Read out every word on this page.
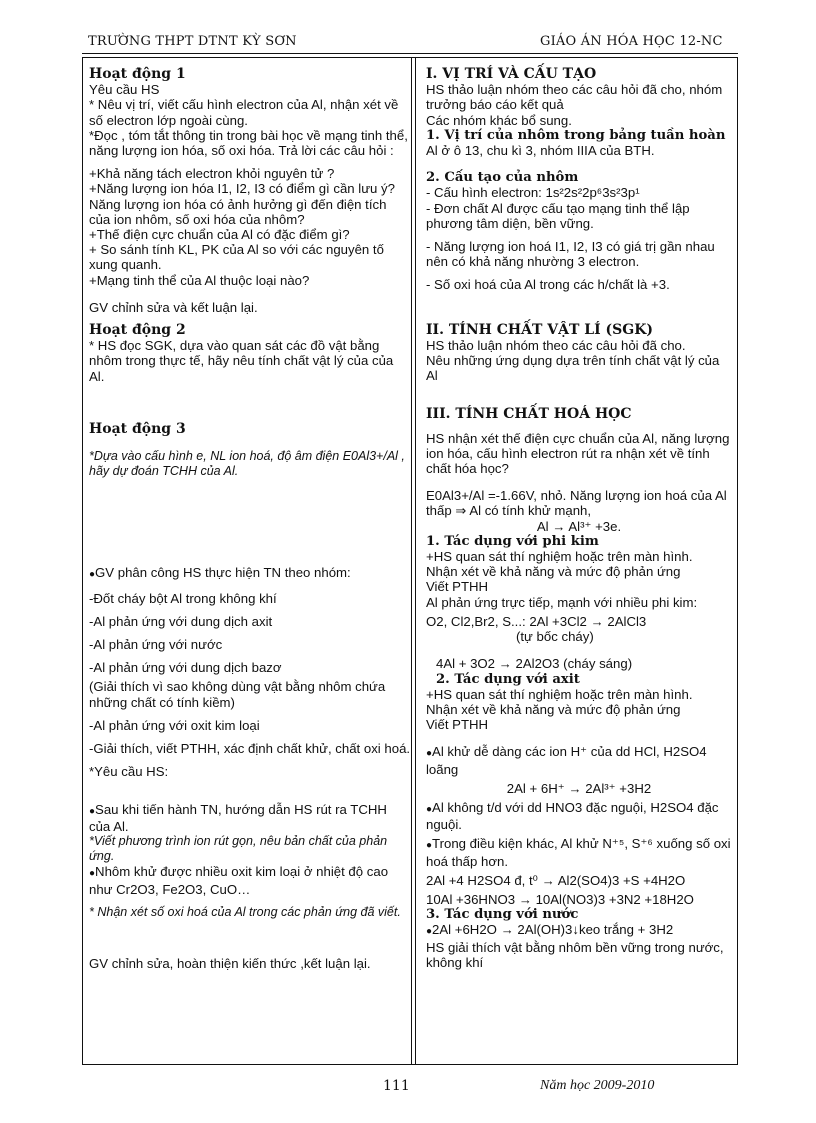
TRƯỜNG THPT DTNT KỲ SƠN	GIÁO ÁN HÓA HỌC 12-NC
Hoạt động 1
Yêu cầu HS
* Nêu vị trí, viết cấu hình electron của Al, nhận xét về số electron lớp ngoài cùng.
*Đọc , tóm tắt thông tin trong bài học về mạng tinh thể, năng lượng ion hóa, số oxi hóa. Trả lời các câu hỏi :
+Khả năng tách electron khỏi nguyên tử ?
+Năng lượng ion hóa I1, I2, I3 có điểm gì cần lưu ý? Năng lượng ion hóa có ảnh hưởng gì đến điện tích của ion nhôm, số oxi hóa của nhôm?
+Thế điện cực chuẩn của Al có đặc điểm gì?
+ So sánh tính KL, PK của Al so với các nguyên tố xung quanh.
+Mạng tinh thể của Al thuộc loại nào?
GV chỉnh sửa và kết luận lại.
Hoạt động 2
* HS đọc SGK, dựa vào quan sát các đồ vật bằng nhôm trong thực tế, hãy nêu tính chất vật lý của của Al.
Hoạt động 3
*Dựa vào cấu hình e, NL ion hoá, độ âm điện E0Al3+/Al , hãy dự đoán TCHH của Al.
● GV phân công HS thực hiện TN theo nhóm:
-Đốt cháy bột Al trong không khí
-Al phản ứng với dung dịch axit
-Al phản ứng với nước
-Al phản ứng với dung dịch bazơ
(Giải thích vì sao không dùng vật bằng nhôm chứa những chất có tính kiềm)
-Al phản ứng với oxit kim loại
-Giải thích, viết PTHH, xác định chất khử, chất oxi hoá.
*Yêu cầu HS:
● Sau khi tiến hành TN, hướng dẫn HS rút ra TCHH của Al.
*Viết phương trình ion rút gọn, nêu bản chất của phản ứng.
● Nhôm khử được nhiều oxit kim loại ở nhiệt độ cao như Cr2O3, Fe2O3, CuO…
* Nhận xét số oxi hoá của Al trong các phản ứng đã viết.
GV chỉnh sửa, hoàn thiện kiến thức ,kết luận lại.
I. VỊ TRÍ VÀ CẤU TẠO
HS thảo luận nhóm theo các câu hỏi đã cho, nhóm trưởng báo cáo kết quả
Các nhóm khác bổ sung.
1. Vị trí của nhôm trong bảng tuần hoàn
Al ở ô 13, chu kì 3, nhóm IIIA của BTH.
2. Cấu tạo của nhôm
- Cấu hình electron: 1s²2s²2p⁶3s²3p¹
- Đơn chất Al được cấu tạo mạng tinh thể lập phương tâm diện, bền vững.
- Năng lượng ion hoá I1, I2, I3 có giá trị gần nhau nên có khả năng nhường 3 electron.
- Số oxi hoá của Al trong các h/chất là +3.
II. TÍNH CHẤT VẬT LÍ (SGK)
HS thảo luận nhóm theo các câu hỏi đã cho.
Nêu những ứng dụng dựa trên tính chất vật lý của Al
III. TÍNH CHẤT HOÁ HỌC
HS nhận xét thế điện cực chuẩn của Al, năng lượng ion hóa, cấu hình electron rút ra nhận xét về tính chất hóa học?
E0Al3+/Al =-1.66V, nhỏ. Năng lượng ion hoá của Al thấp ⇒ Al có tính khử mạnh,
Al → Al³⁺ +3e.
1. Tác dụng với phi kim
+HS quan sát thí nghiệm hoặc trên màn hình.
Nhận xét về khả năng và mức độ phản ứng
Viết PTHH
Al phản ứng trực tiếp, mạnh với nhiều phi kim:
O2, Cl2,Br2, S...: 2Al +3Cl2 → 2AlCl3
(tự bốc cháy)
4Al + 3O2 → 2Al2O3 (cháy sáng)
2. Tác dụng với axit
+HS quan sát thí nghiệm hoặc trên màn hình.
Nhận xét về khả năng và mức độ phản ứng
Viết PTHH
● Al khử dễ dàng các ion H⁺ của dd HCl, H2SO4 loãng
2Al + 6H⁺ → 2Al³⁺ +3H2
● Al không t/d với dd HNO3 đặc nguội, H2SO4 đặc nguội.
● Trong điều kiện khác, Al khử N⁺⁵, S⁺⁶ xuống số oxi hoá thấp hơn.
2Al +4 H2SO4 đ, t⁰ → Al2(SO4)3 +S +4H2O
10Al +36HNO3 → 10Al(NO3)3 +3N2 +18H2O
3. Tác dụng với nước
● 2Al +6H2O → 2Al(OH)3↓keo trắng + 3H2
HS giải thích vật bằng nhôm bền vững trong nước, không khí
111	Năm học 2009-2010
